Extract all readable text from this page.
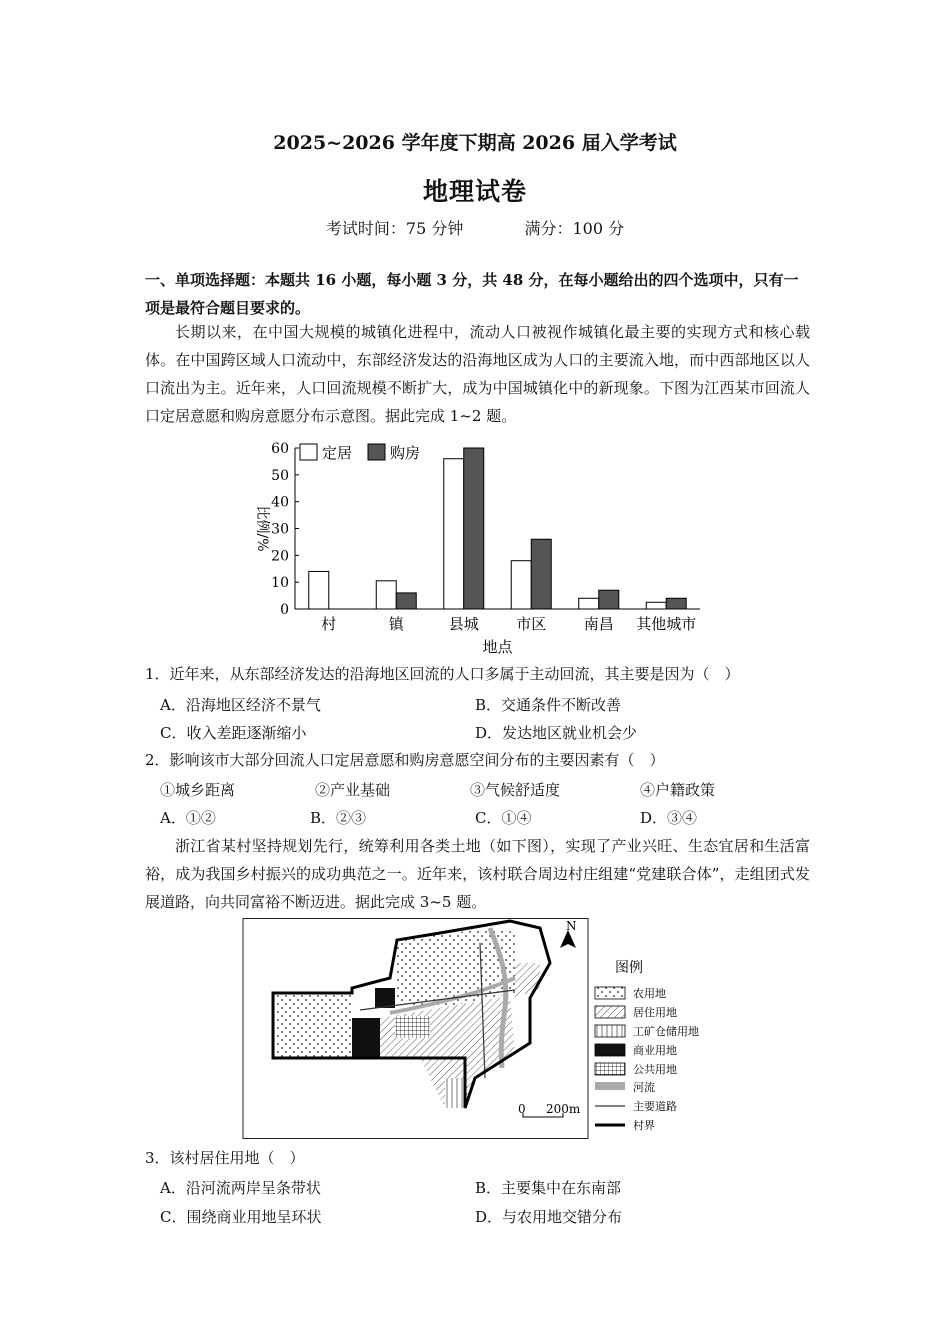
2025~2026 学年度下期高 2026 届入学考试
地理试卷
考试时间：75 分钟	满分：100 分
一、单项选择题：本题共 16 小题，每小题 3 分，共 48 分，在每小题给出的四个选项中，只有一项是最符合题目要求的。

长期以来，在中国大规模的城镇化进程中，流动人口被视作城镇化最主要的实现方式和核心载体。在中国跨区域人口流动中，东部经济发达的沿海地区成为人口的主要流入地，而中西部地区以人口流出为主。近年来，人口回流规模不断扩大，成为中国城镇化中的新现象。下图为江西某市回流人口定居意愿和购房意愿分布示意图。据此完成 1~2 题。

0
10
20
30
40
50
60
比例/%
村	镇	县城 市区 南昌 其他城市
地点
定居	购房
1．近年来，从东部经济发达的沿海地区回流的人口多属于主动回流，其主要是因为（　）
A．沿海地区经济不景气	B．交通条件不断改善
C．收入差距逐渐缩小	D．发达地区就业机会少
2．影响该市大部分回流人口定居意愿和购房意愿空间分布的主要因素有（　）
①城乡距离	②产业基础	③气候舒适度	④户籍政策
A．①②	B．②③	C．①④	D．③④

浙江省某村坚持规划先行，统筹利用各类土地（如下图），实现了产业兴旺、生态宜居和生活富裕，成为我国乡村振兴的成功典范之一。近年来，该村联合周边村庄组建“党建联合体”，走组团式发展道路，向共同富裕不断迈进。据此完成 3~5 题。

N
0 200m
图例
农用地
居住用地
工矿仓储用地
商业用地
公共用地
河流
主要道路
村界
3．该村居住用地（　）
A．沿河流两岸呈条带状	B．主要集中在东南部
C．围绕商业用地呈环状	D．与农用地交错分布
